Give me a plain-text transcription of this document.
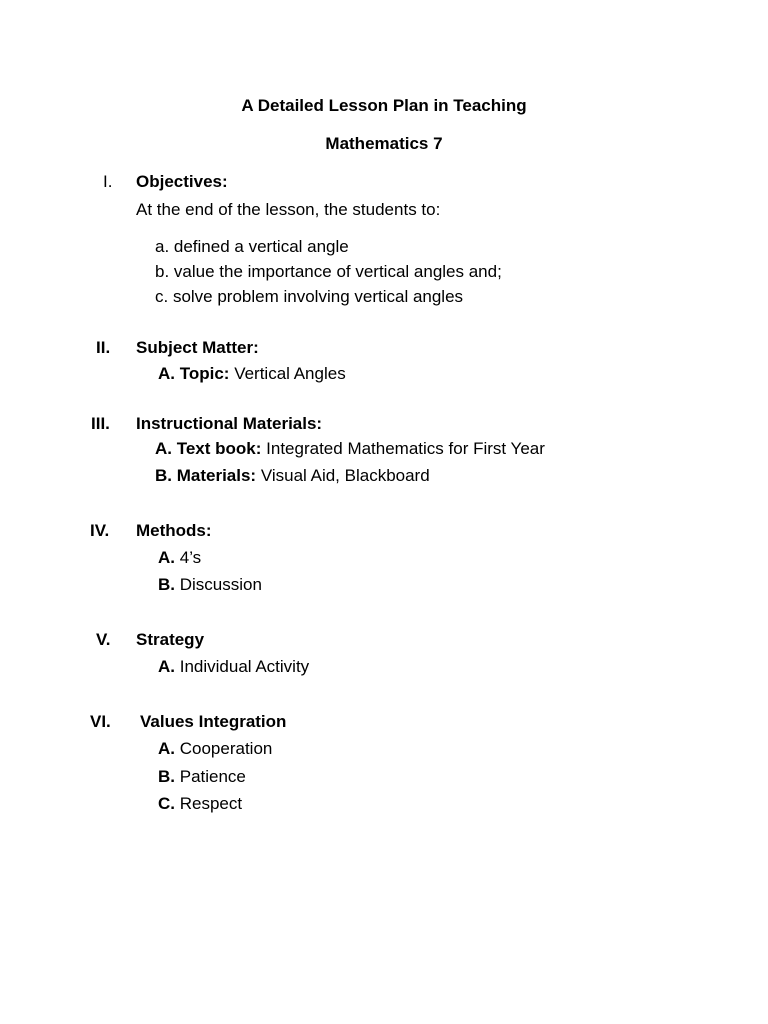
A Detailed Lesson Plan in Teaching
Mathematics 7
I. Objectives:
At the end of the lesson, the students to:
a. defined a vertical angle
b. value the importance of vertical angles and;
c. solve problem involving vertical angles
II. Subject Matter:
A. Topic: Vertical Angles
III. Instructional Materials:
A. Text book: Integrated Mathematics for First Year
B. Materials: Visual Aid, Blackboard
IV. Methods:
A. 4’s
B. Discussion
V. Strategy
A. Individual Activity
VI. Values Integration
A. Cooperation
B. Patience
C. Respect
